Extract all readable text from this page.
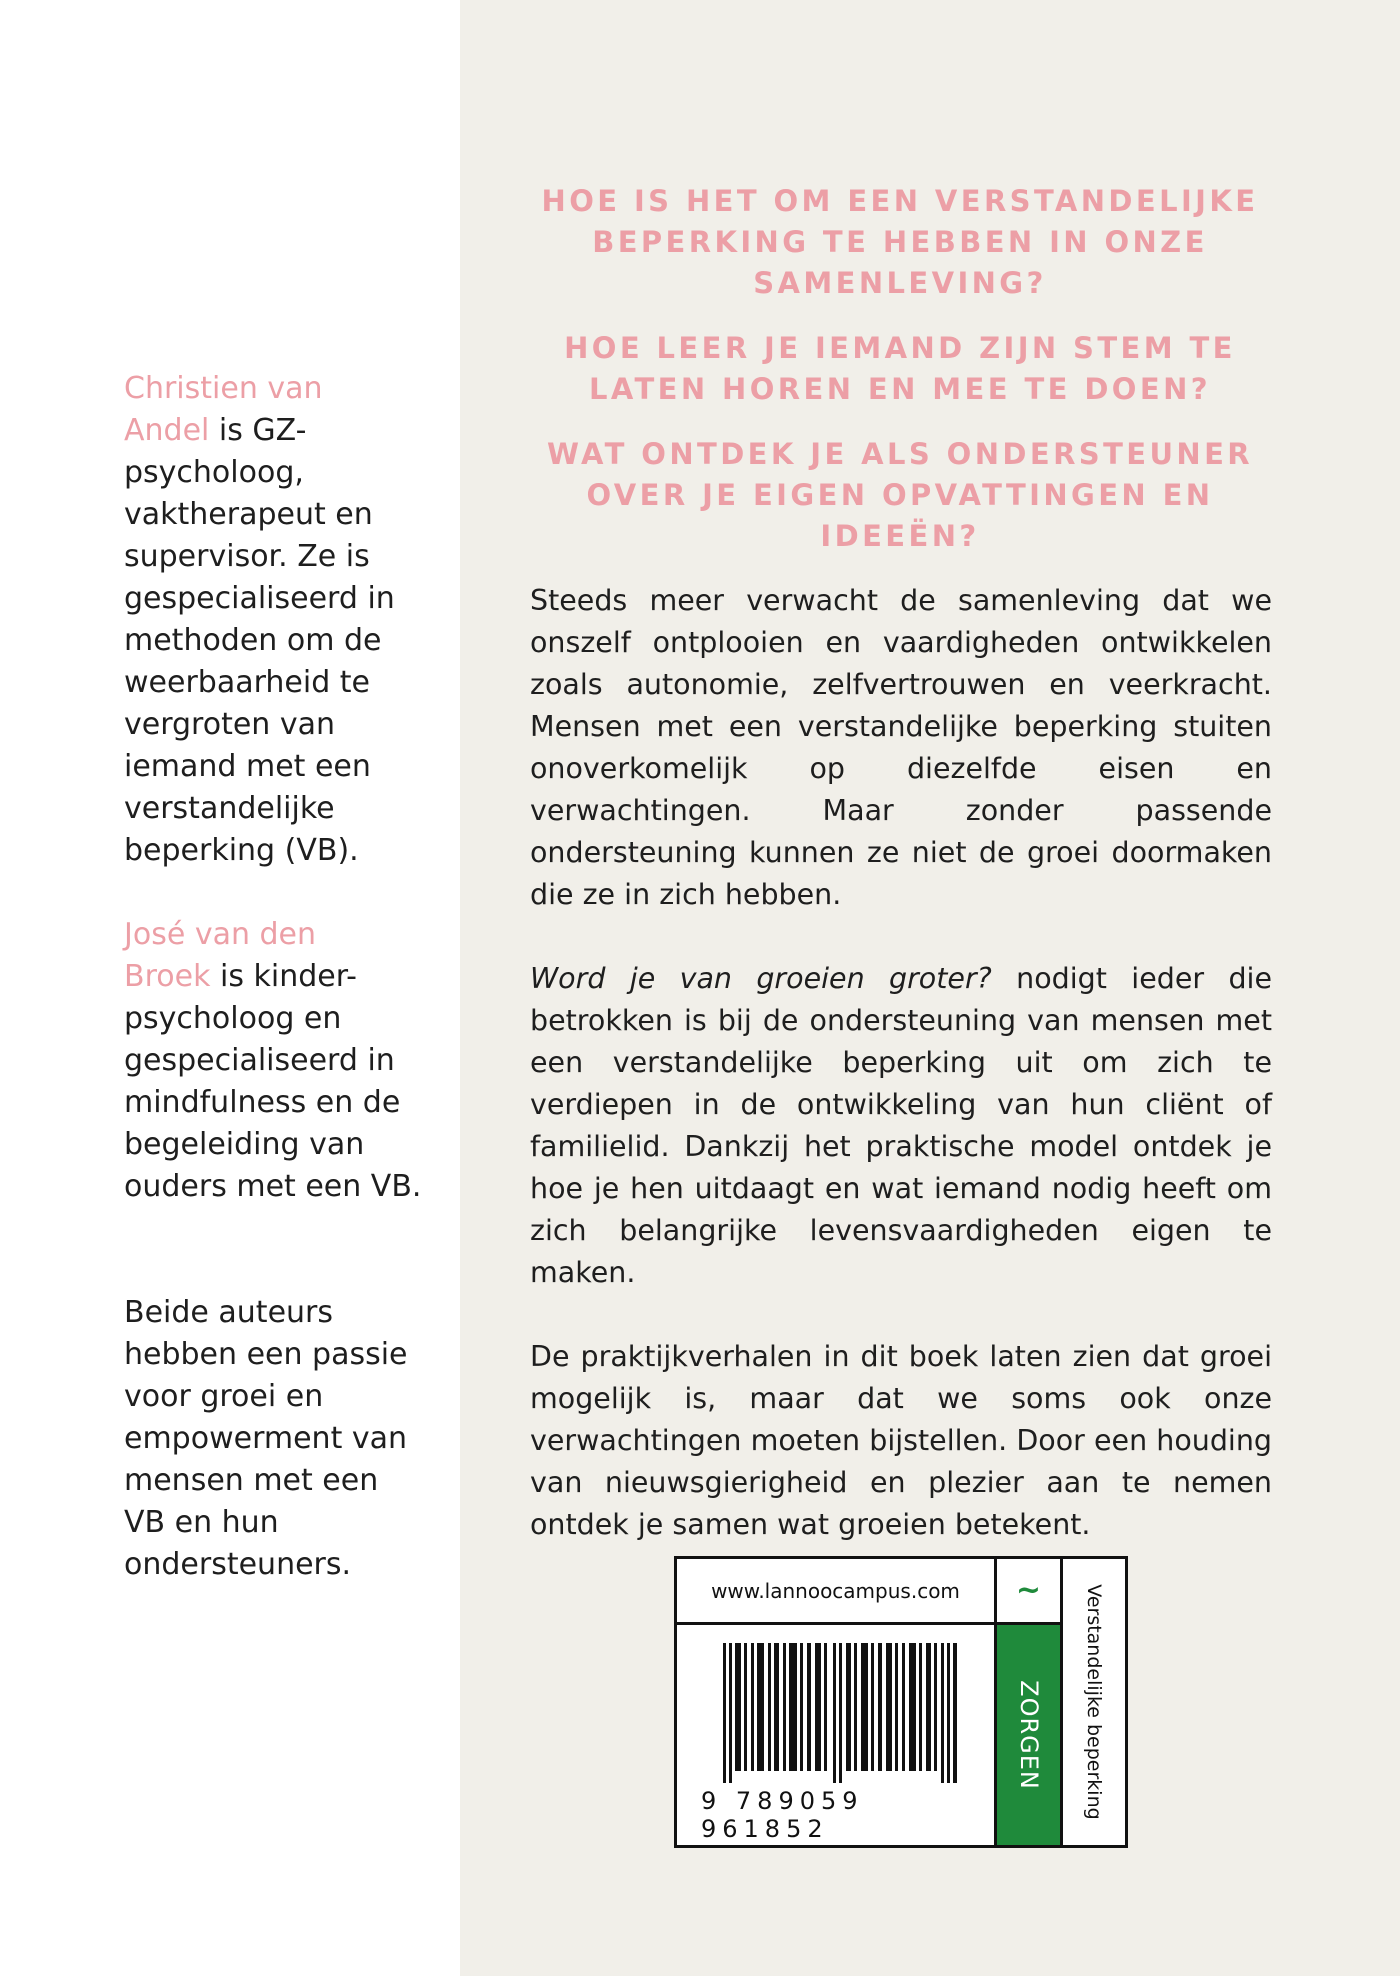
Christien van
Andel is GZ-psycholoog, vaktherapeut en supervisor. Ze is gespecialiseerd in methoden om de weerbaarheid te vergroten van iemand met een verstandelijke beperking (VB).
José van den
Broek is kinder-psycholoog en gespecialiseerd in mindfulness en de begeleiding van ouders met een VB.
Beide auteurs hebben een passie voor groei en empowerment van mensen met een VB en hun ondersteuners.

HOE IS HET OM EEN VERSTANDELIJKE BEPERKING TE HEBBEN IN ONZE SAMENLEVING?

HOE LEER JE IEMAND ZIJN STEM TE LATEN HOREN EN MEE TE DOEN?

WAT ONTDEK JE ALS ONDERSTEUNER OVER JE EIGEN OPVATTINGEN EN IDEEËN?

Steeds meer verwacht de samenleving dat we onszelf ontplooien en vaardigheden ontwikkelen zoals autonomie, zelfvertrouwen en veerkracht. Mensen met een verstandelijke beperking stuiten onoverkomelijk op diezelfde eisen en verwachtingen. Maar zonder passende ondersteuning kunnen ze niet de groei doormaken die ze in zich hebben.

Word je van groeien groter? nodigt ieder die betrokken is bij de ondersteuning van mensen met een verstandelijke beperking uit om zich te verdiepen in de ontwikkeling van hun cliënt of familielid. Dankzij het praktische model ontdek je hoe je hen uitdaagt en wat iemand nodig heeft om zich belangrijke levensvaardigheden eigen te maken.

De praktijkverhalen in dit boek laten zien dat groei mogelijk is, maar dat we soms ook onze verwachtingen moeten bijstellen. Door een houding van nieuwsgierigheid en plezier aan te nemen ontdek je samen wat groeien betekent.

www.lannoocampus.com	~
9 789059 961852
ZORGEN Verstandelijke beperking
